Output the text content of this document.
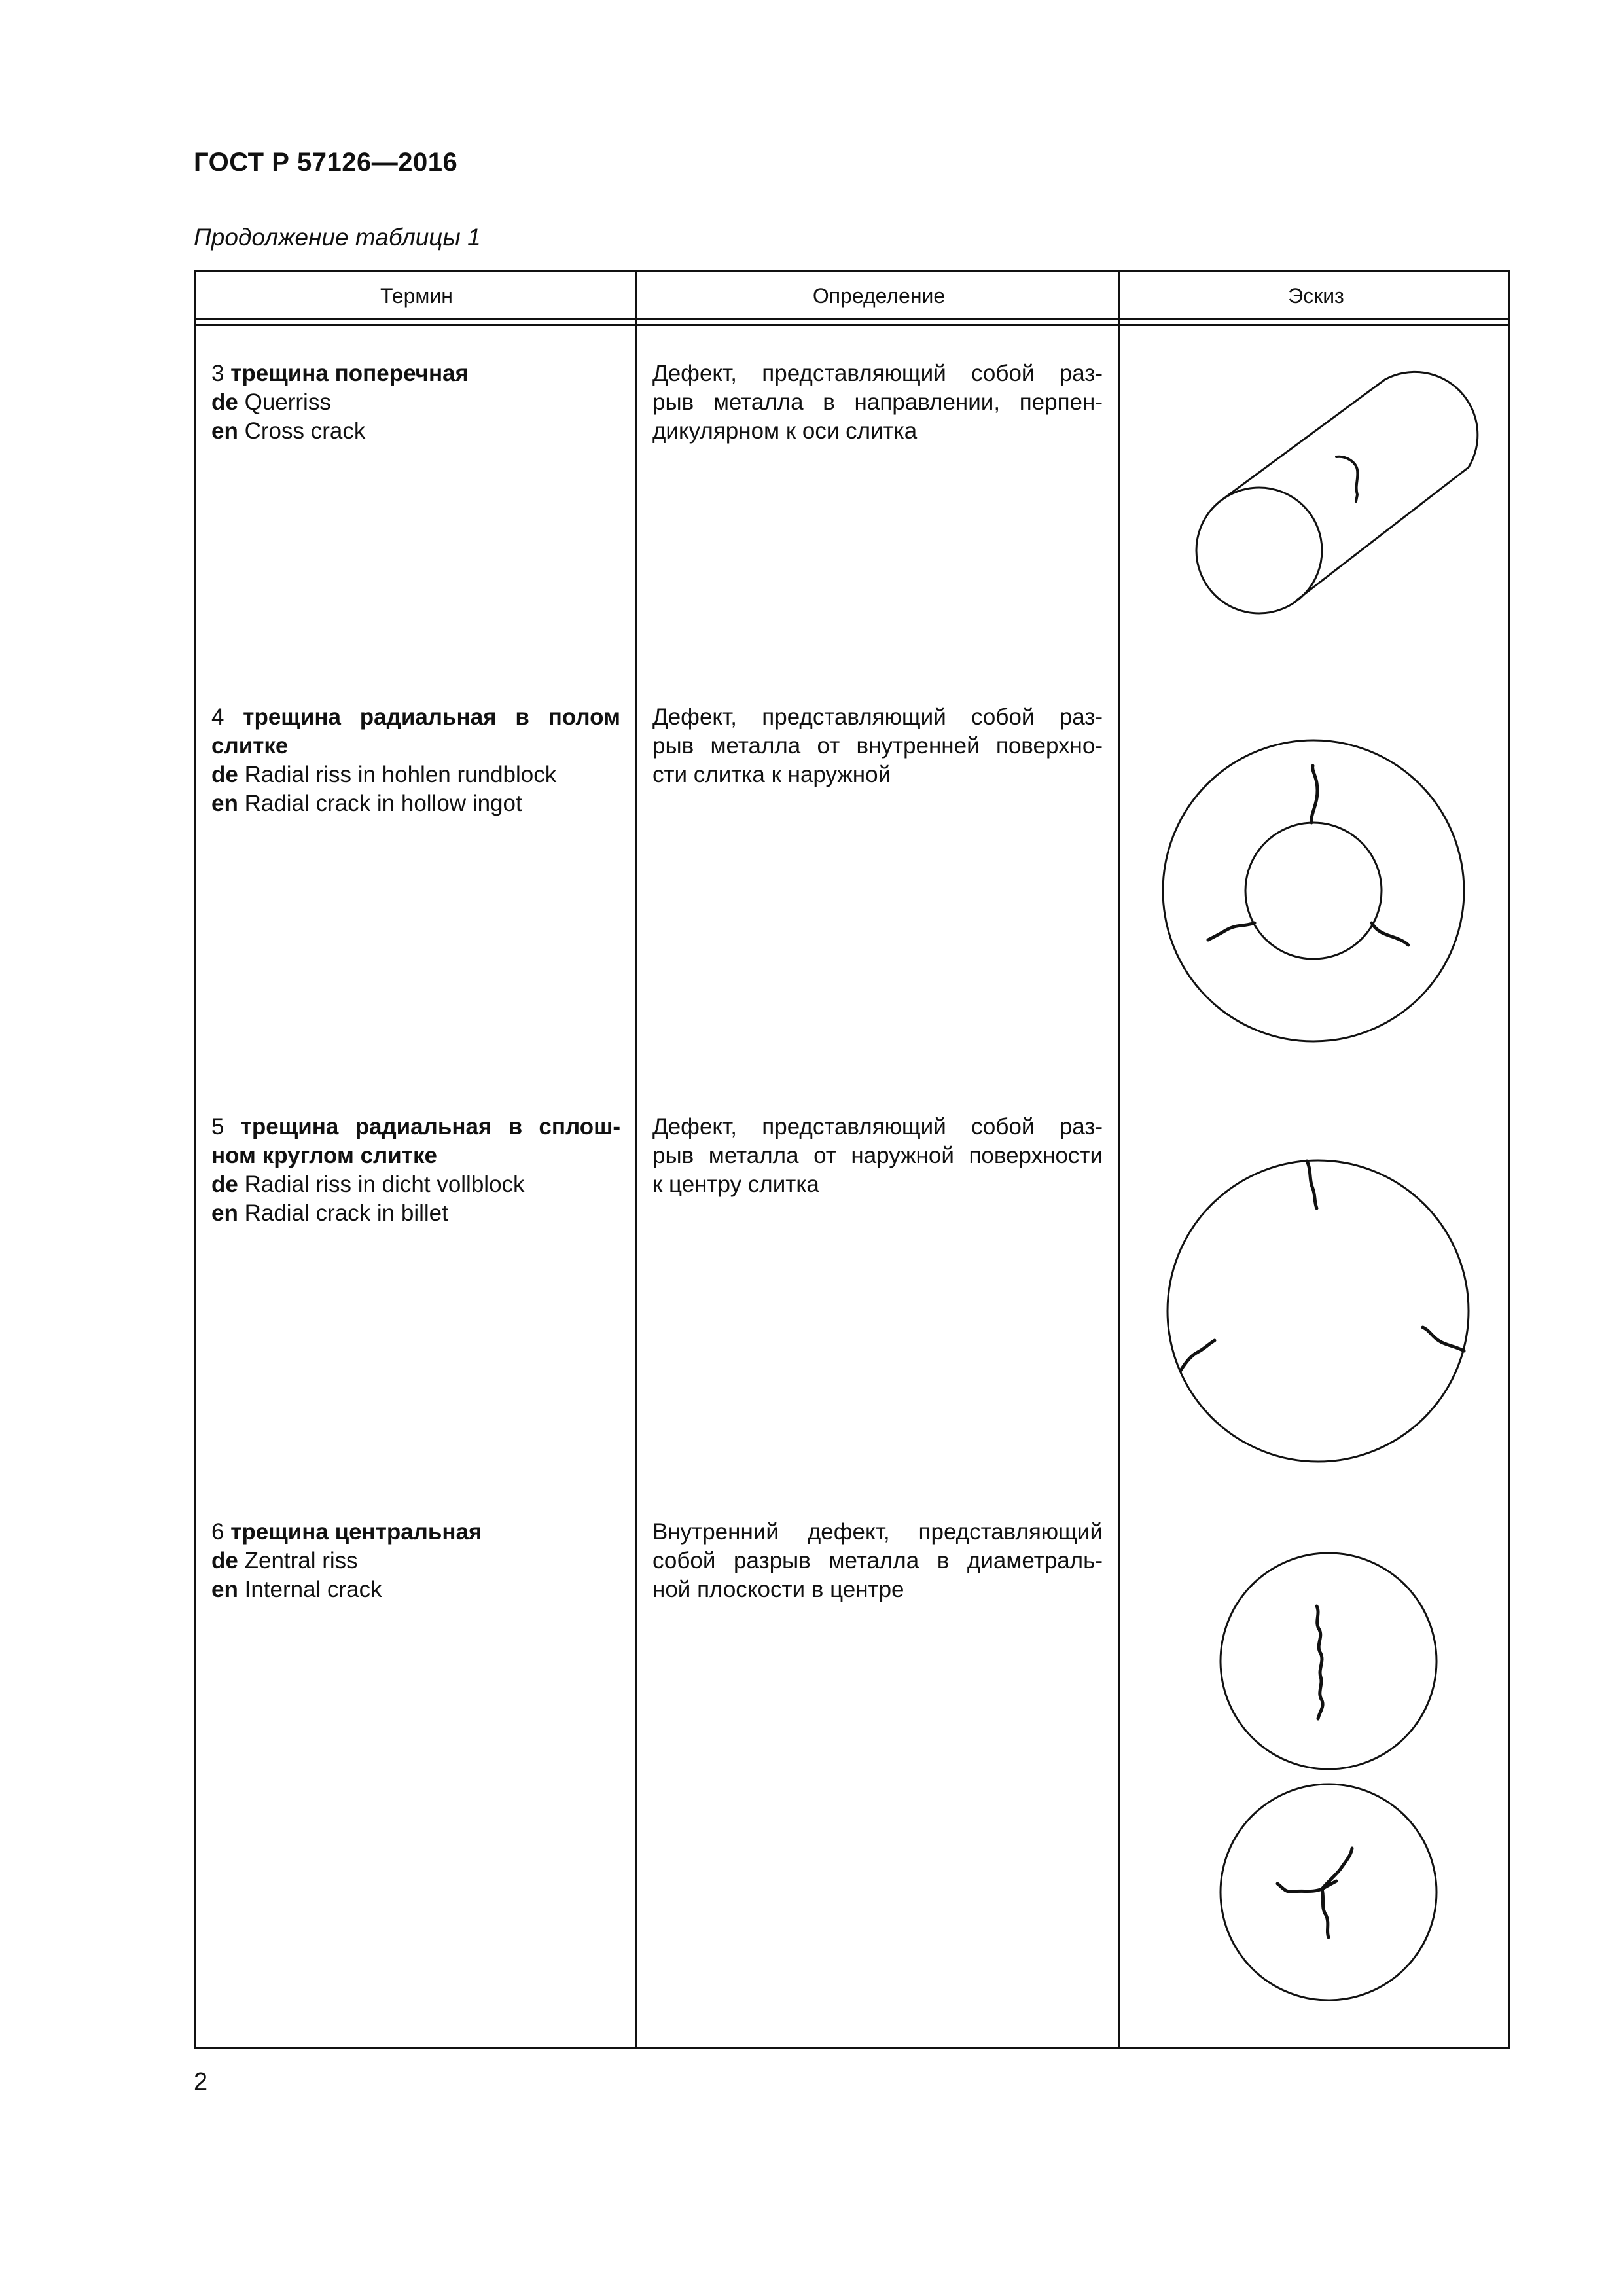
ГОСТ Р 57126—2016
Продолжение таблицы 1
Термин	Определение	Эскиз
3 трещина поперечная
de Querriss
en Cross crack
Дефект, представляющий собой раз-
рыв металла в направлении, перпен-
дикулярном к оси слитка
4 трещина радиальная в полом
слитке
de Radial riss in hohlen rundblock
en Radial crack in hollow ingot
Дефект, представляющий собой раз-
рыв металла от внутренней поверхно-
сти слитка к наружной
5 трещина радиальная в сплош-
ном круглом слитке
de Radial riss in dicht vollblock
en Radial crack in billet
Дефект, представляющий собой раз-
рыв металла от наружной поверхности
к центру слитка
6 трещина центральная
de Zentral riss
en Internal crack
Внутренний дефект, представляющий
собой разрыв металла в диаметраль-
ной плоскости в центре
2
